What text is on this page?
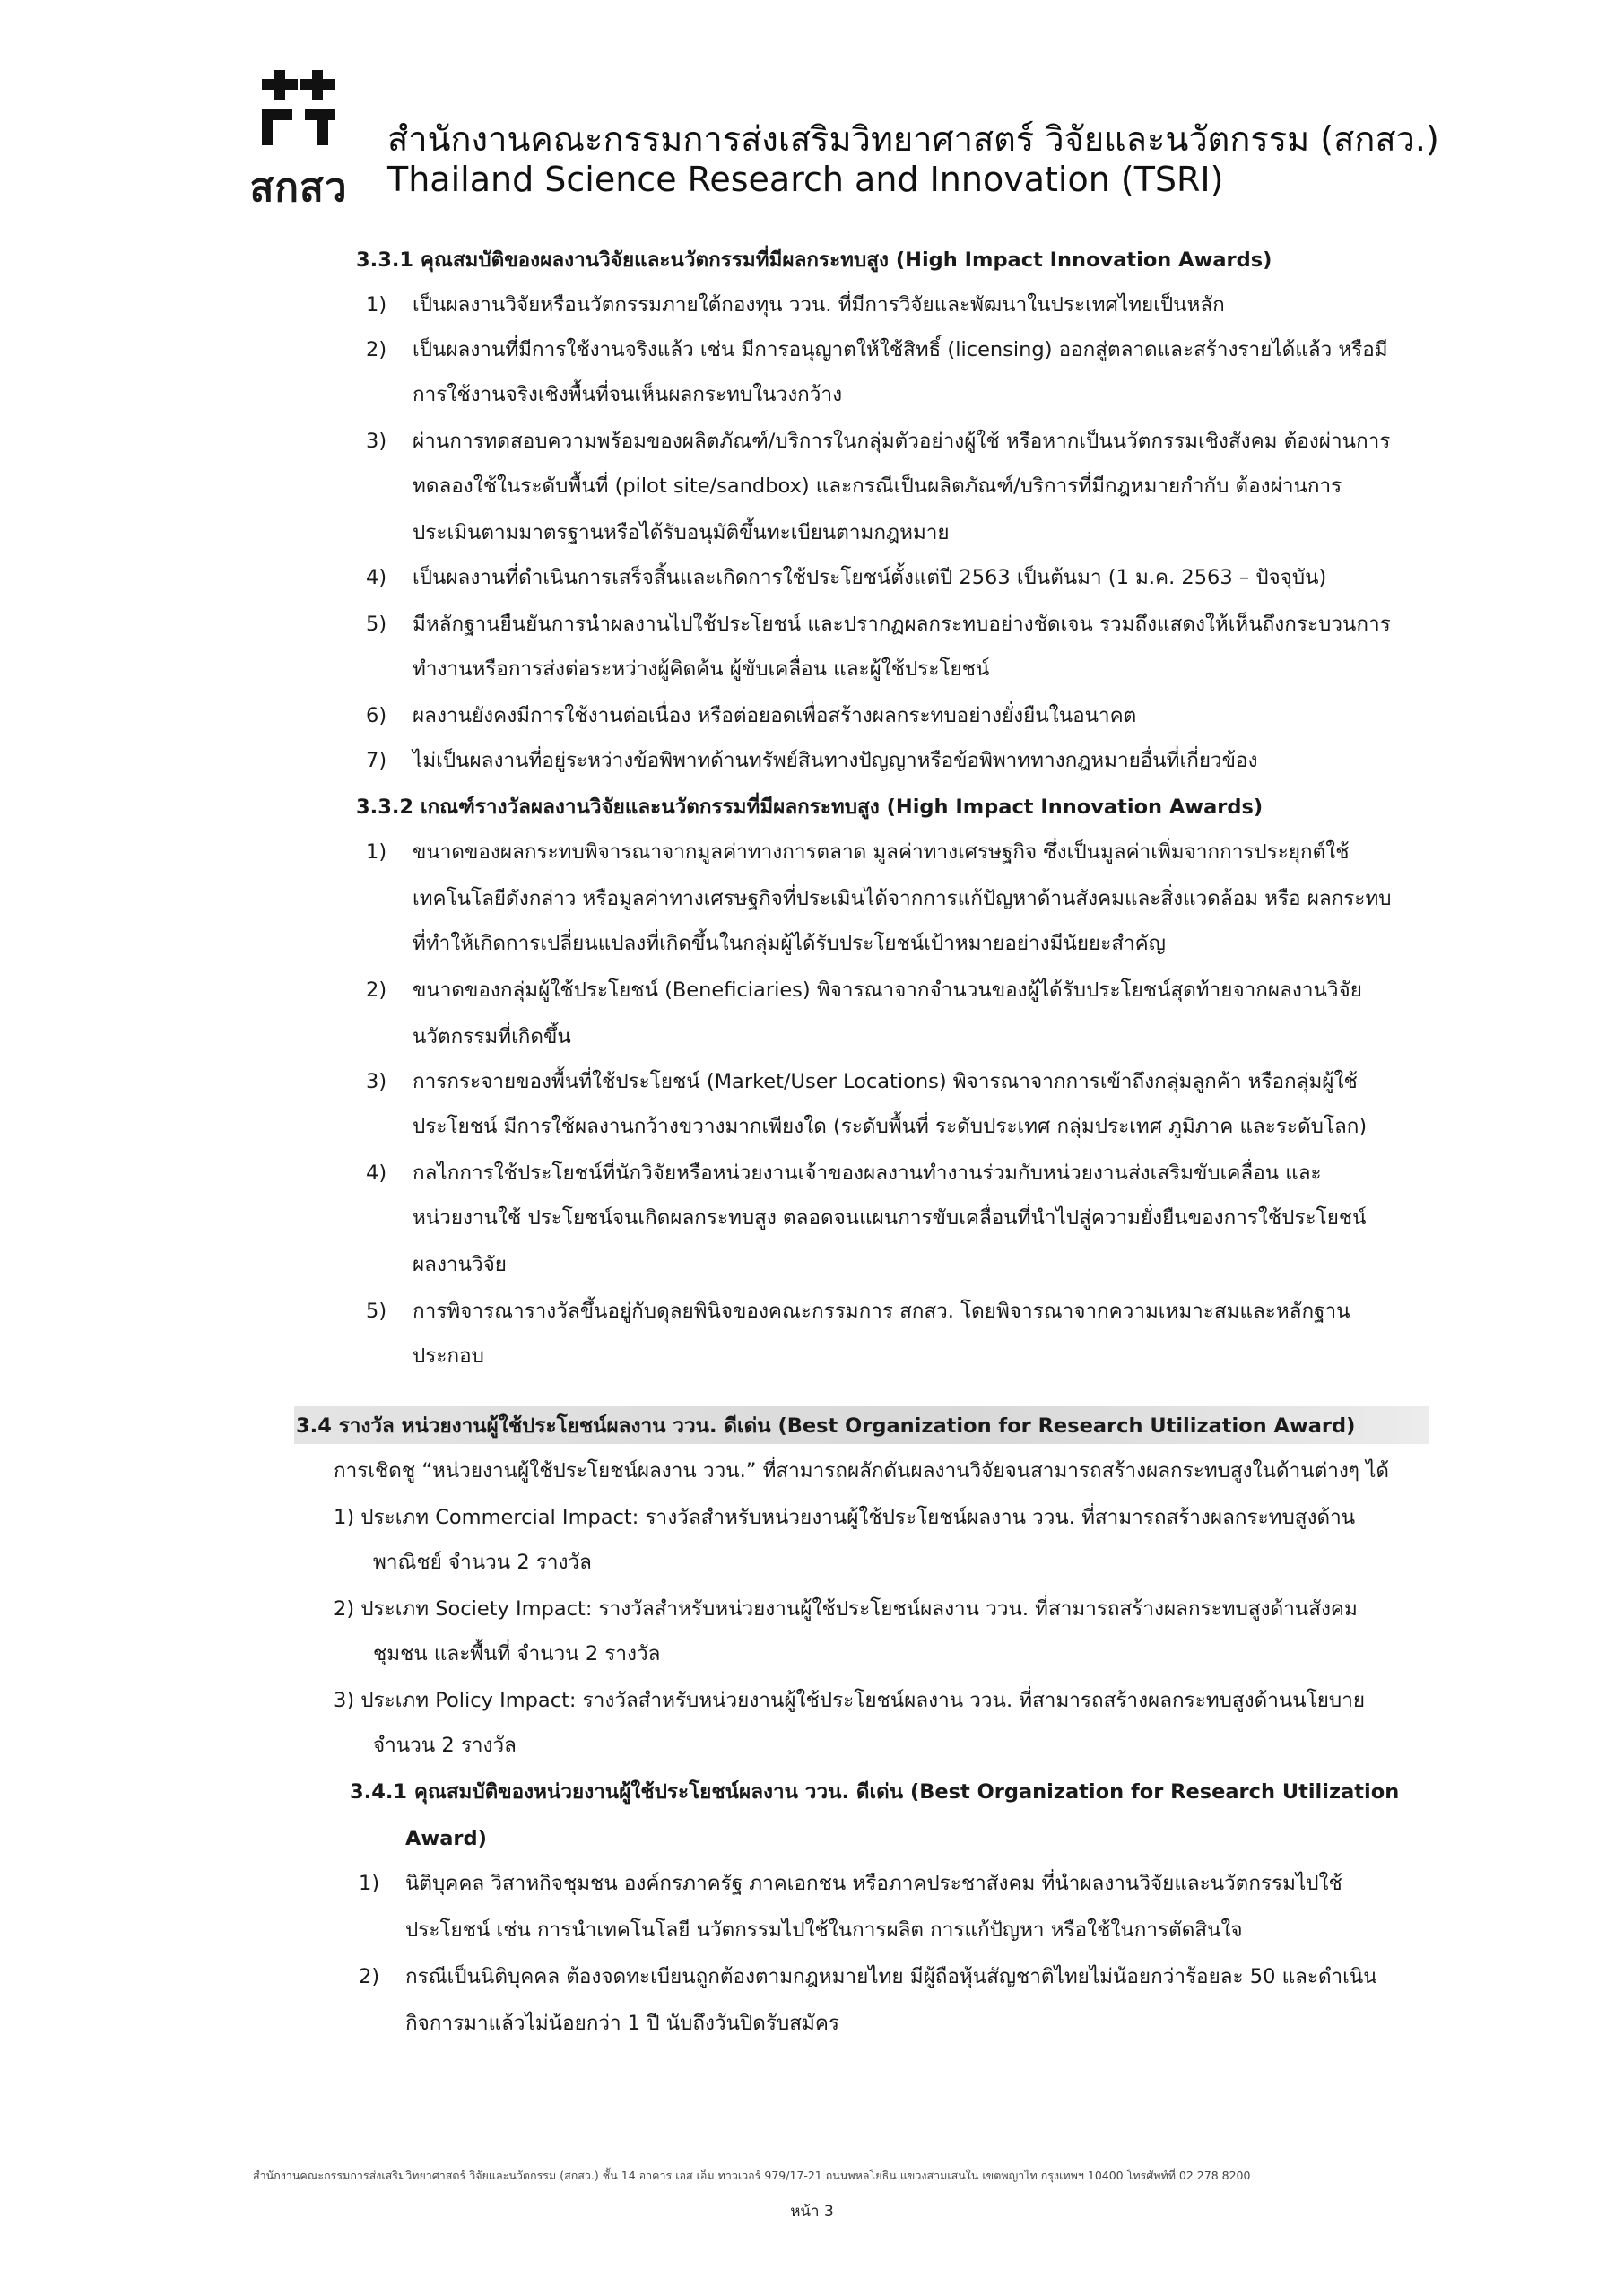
สกสว
สำนักงานคณะกรรมการส่งเสริมวิทยาศาสตร์ วิจัยและนวัตกรรม (สกสว.)
Thailand Science Research and Innovation (TSRI)
3.3.1 คุณสมบัติของผลงานวิจัยและนวัตกรรมที่มีผลกระทบสูง (High Impact Innovation Awards)
1) เป็นผลงานวิจัยหรือนวัตกรรมภายใต้กองทุน ววน. ที่มีการวิจัยและพัฒนาในประเทศไทยเป็นหลัก
2) เป็นผลงานที่มีการใช้งานจริงแล้ว เช่น มีการอนุญาตให้ใช้สิทธิ์ (licensing) ออกสู่ตลาดและสร้างรายได้แล้ว หรือมี
การใช้งานจริงเชิงพื้นที่จนเห็นผลกระทบในวงกว้าง
3) ผ่านการทดสอบความพร้อมของผลิตภัณฑ์/บริการในกลุ่มตัวอย่างผู้ใช้ หรือหากเป็นนวัตกรรมเชิงสังคม ต้องผ่านการ
ทดลองใช้ในระดับพื้นที่ (pilot site/sandbox) และกรณีเป็นผลิตภัณฑ์/บริการที่มีกฎหมายกำกับ ต้องผ่านการ
ประเมินตามมาตรฐานหรือได้รับอนุมัติขึ้นทะเบียนตามกฎหมาย
4) เป็นผลงานที่ดำเนินการเสร็จสิ้นและเกิดการใช้ประโยชน์ตั้งแต่ปี 2563 เป็นต้นมา (1 ม.ค. 2563 – ปัจจุบัน)
5) มีหลักฐานยืนยันการนำผลงานไปใช้ประโยชน์ และปรากฏผลกระทบอย่างชัดเจน รวมถึงแสดงให้เห็นถึงกระบวนการ
ทำงานหรือการส่งต่อระหว่างผู้คิดค้น ผู้ขับเคลื่อน และผู้ใช้ประโยชน์
6) ผลงานยังคงมีการใช้งานต่อเนื่อง หรือต่อยอดเพื่อสร้างผลกระทบอย่างยั่งยืนในอนาคต
7) ไม่เป็นผลงานที่อยู่ระหว่างข้อพิพาทด้านทรัพย์สินทางปัญญาหรือข้อพิพาททางกฎหมายอื่นที่เกี่ยวข้อง
3.3.2 เกณฑ์รางวัลผลงานวิจัยและนวัตกรรมที่มีผลกระทบสูง (High Impact Innovation Awards)
1) ขนาดของผลกระทบพิจารณาจากมูลค่าทางการตลาด มูลค่าทางเศรษฐกิจ ซึ่งเป็นมูลค่าเพิ่มจากการประยุกต์ใช้
เทคโนโลยีดังกล่าว หรือมูลค่าทางเศรษฐกิจที่ประเมินได้จากการแก้ปัญหาด้านสังคมและสิ่งแวดล้อม หรือ ผลกระทบ
ที่ทำให้เกิดการเปลี่ยนแปลงที่เกิดขึ้นในกลุ่มผู้ได้รับประโยชน์เป้าหมายอย่างมีนัยยะสำคัญ
2) ขนาดของกลุ่มผู้ใช้ประโยชน์ (Beneficiaries) พิจารณาจากจำนวนของผู้ได้รับประโยชน์สุดท้ายจากผลงานวิจัย
นวัตกรรมที่เกิดขึ้น
3) การกระจายของพื้นที่ใช้ประโยชน์ (Market/User Locations) พิจารณาจากการเข้าถึงกลุ่มลูกค้า หรือกลุ่มผู้ใช้
ประโยชน์ มีการใช้ผลงานกว้างขวางมากเพียงใด (ระดับพื้นที่ ระดับประเทศ กลุ่มประเทศ ภูมิภาค และระดับโลก)
4) กลไกการใช้ประโยชน์ที่นักวิจัยหรือหน่วยงานเจ้าของผลงานทำงานร่วมกับหน่วยงานส่งเสริมขับเคลื่อน และ
หน่วยงานใช้ ประโยชน์จนเกิดผลกระทบสูง ตลอดจนแผนการขับเคลื่อนที่นำไปสู่ความยั่งยืนของการใช้ประโยชน์
ผลงานวิจัย
5) การพิจารณารางวัลขึ้นอยู่กับดุลยพินิจของคณะกรรมการ สกสว. โดยพิจารณาจากความเหมาะสมและหลักฐาน
ประกอบ
3.4 รางวัล หน่วยงานผู้ใช้ประโยชน์ผลงาน ววน. ดีเด่น (Best Organization for Research Utilization Award)
การเชิดชู “หน่วยงานผู้ใช้ประโยชน์ผลงาน ววน.” ที่สามารถผลักดันผลงานวิจัยจนสามารถสร้างผลกระทบสูงในด้านต่างๆ ได้
1) ประเภท Commercial Impact: รางวัลสำหรับหน่วยงานผู้ใช้ประโยชน์ผลงาน ววน. ที่สามารถสร้างผลกระทบสูงด้าน
พาณิชย์ จำนวน 2 รางวัล
2) ประเภท Society Impact: รางวัลสำหรับหน่วยงานผู้ใช้ประโยชน์ผลงาน ววน. ที่สามารถสร้างผลกระทบสูงด้านสังคม
ชุมชน และพื้นที่ จำนวน 2 รางวัล
3) ประเภท Policy Impact: รางวัลสำหรับหน่วยงานผู้ใช้ประโยชน์ผลงาน ววน. ที่สามารถสร้างผลกระทบสูงด้านนโยบาย
จำนวน 2 รางวัล
3.4.1 คุณสมบัติของหน่วยงานผู้ใช้ประโยชน์ผลงาน ววน. ดีเด่น (Best Organization for Research Utilization
Award)
1) นิติบุคคล วิสาหกิจชุมชน องค์กรภาครัฐ ภาคเอกชน หรือภาคประชาสังคม ที่นำผลงานวิจัยและนวัตกรรมไปใช้
ประโยชน์ เช่น การนำเทคโนโลยี นวัตกรรมไปใช้ในการผลิต การแก้ปัญหา หรือใช้ในการตัดสินใจ
2) กรณีเป็นนิติบุคคล ต้องจดทะเบียนถูกต้องตามกฎหมายไทย มีผู้ถือหุ้นสัญชาติไทยไม่น้อยกว่าร้อยละ 50 และดำเนิน
กิจการมาแล้วไม่น้อยกว่า 1 ปี นับถึงวันปิดรับสมัคร
สำนักงานคณะกรรมการส่งเสริมวิทยาศาสตร์ วิจัยและนวัตกรรม (สกสว.) ชั้น 14 อาคาร เอส เอ็ม ทาวเวอร์ 979/17-21 ถนนพหลโยธิน แขวงสามเสนใน เขตพญาไท กรุงเทพฯ 10400 โทรศัพท์ที่ 02 278 8200
หน้า 3
